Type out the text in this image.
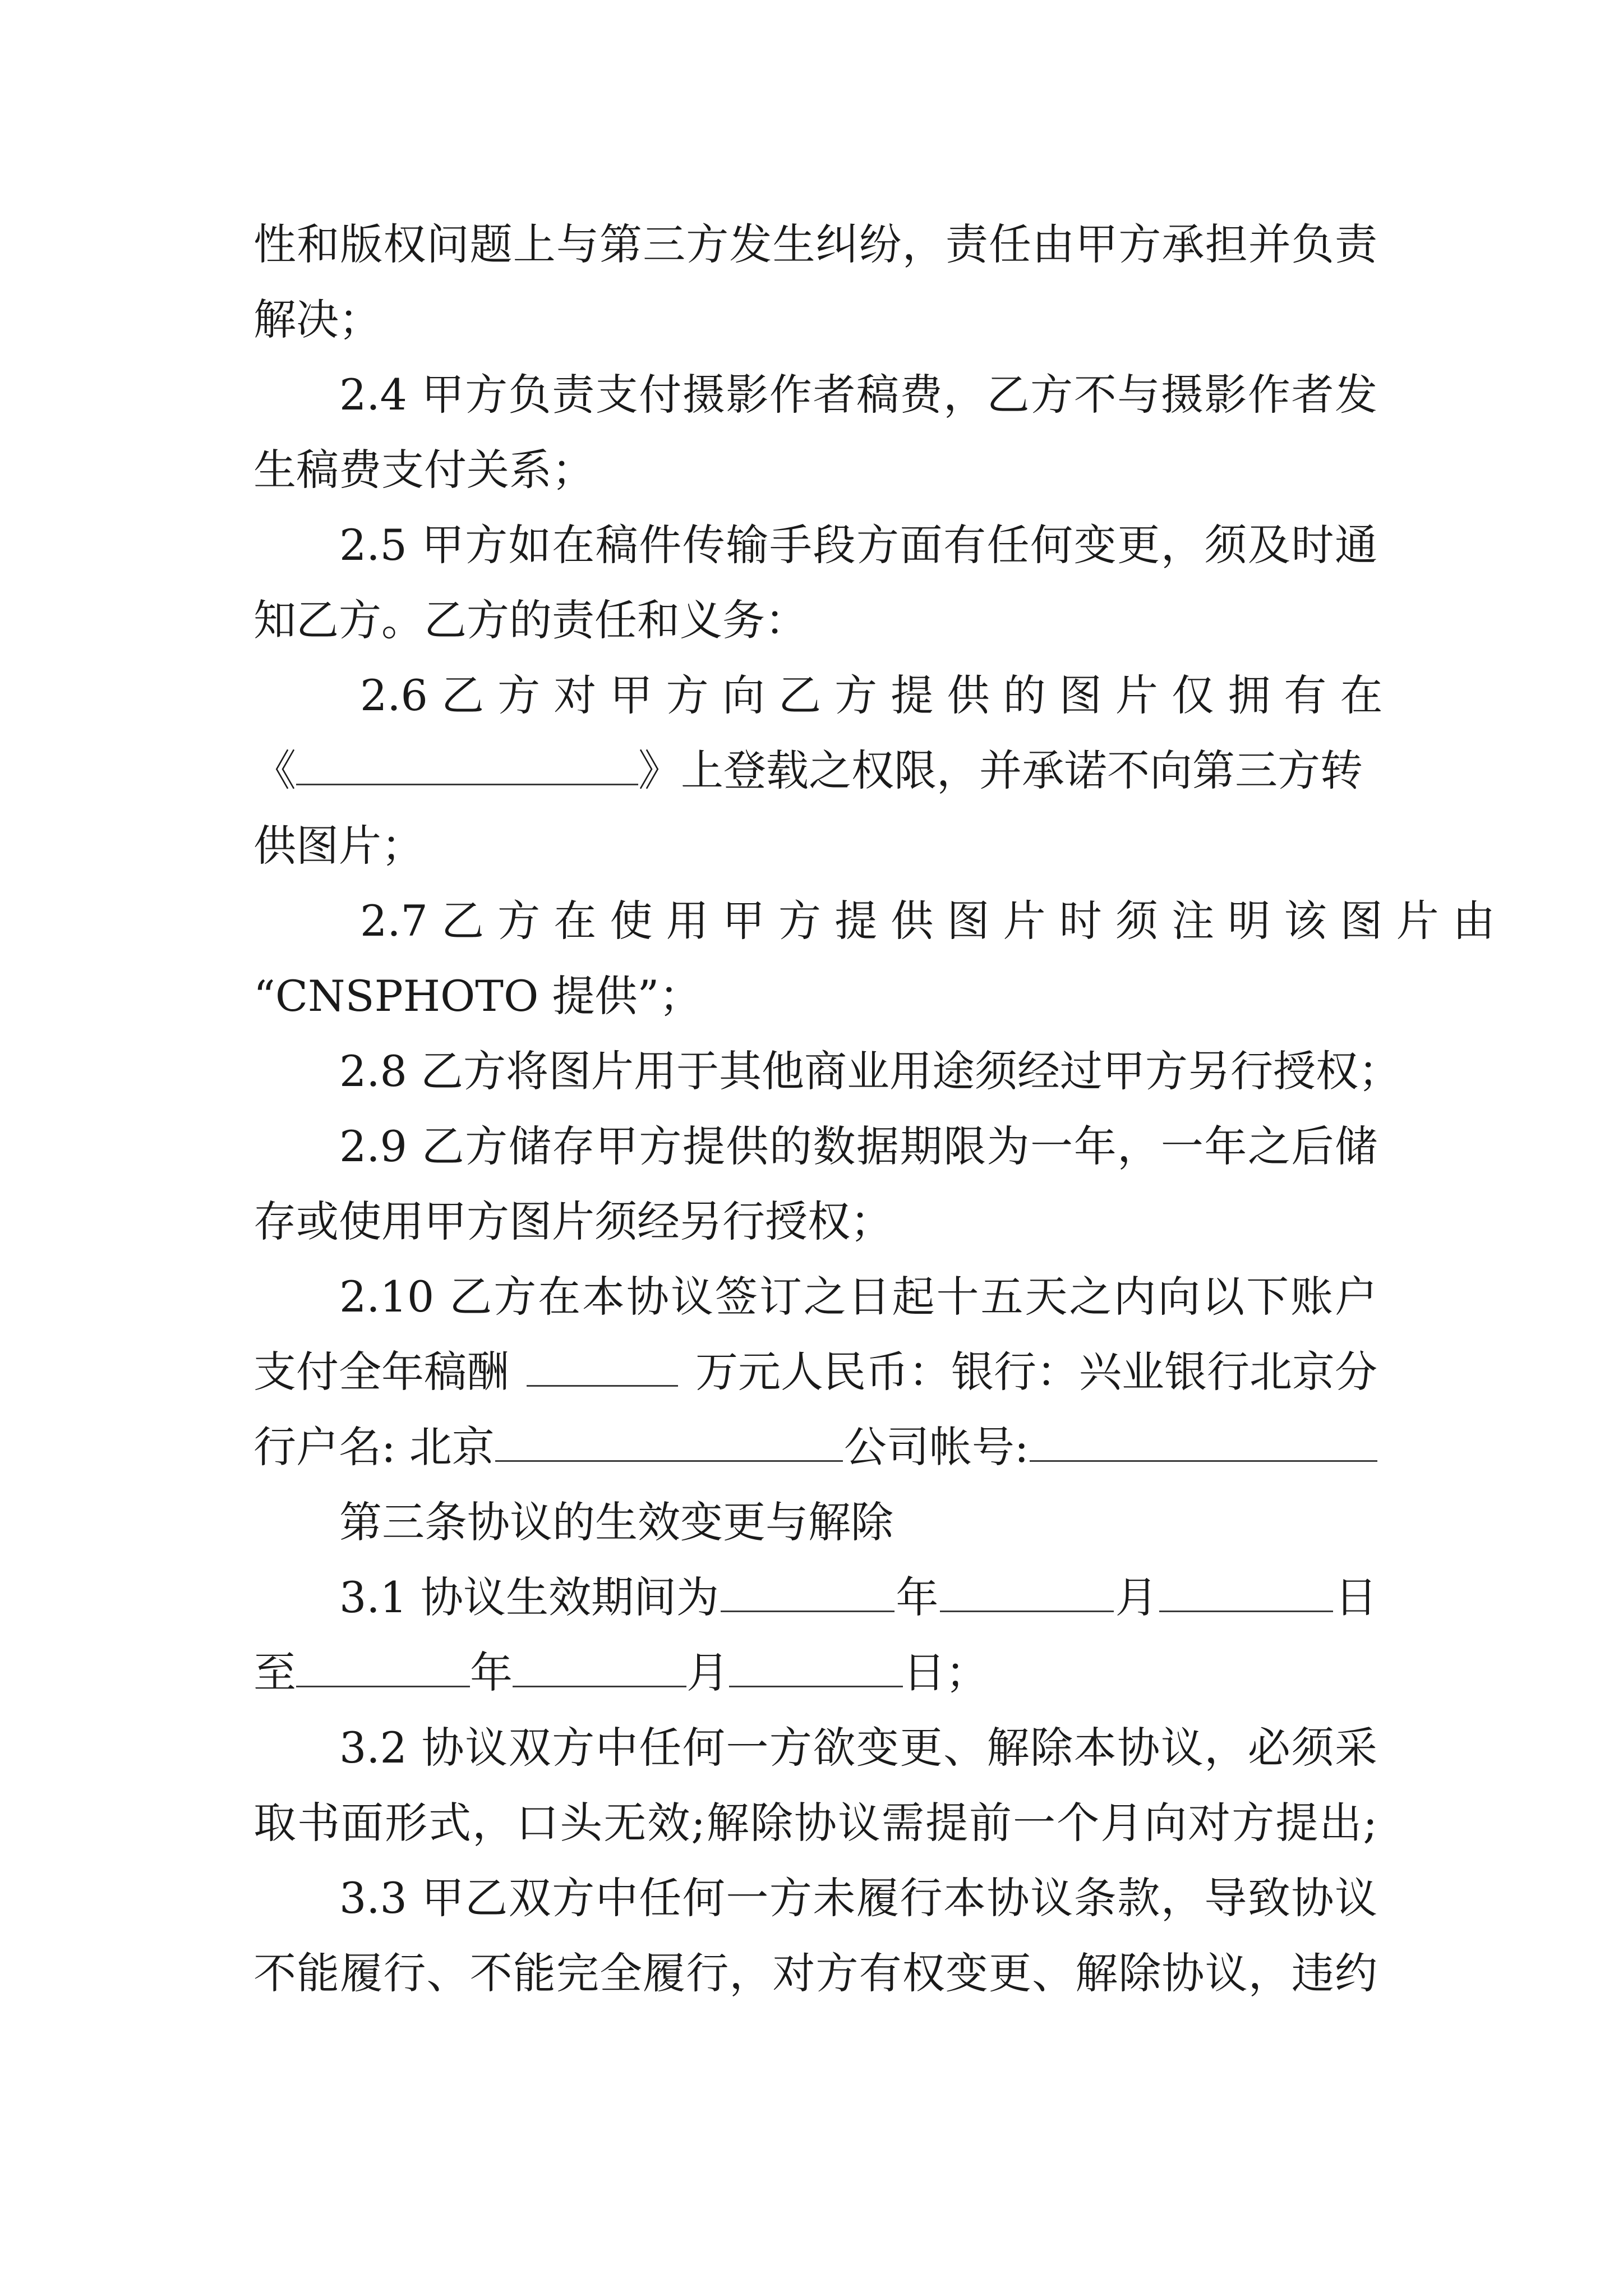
性和版权问题上与第三方发生纠纷，责任由甲方承担并负责
解决；
2.4 甲方负责支付摄影作者稿费，乙方不与摄影作者发
生稿费支付关系；
2.5 甲方如在稿件传输手段方面有任何变更，须及时通
知乙方。乙方的责任和义务：
2.6 乙 方 对 甲 方 向 乙 方 提 供 的 图 片 仅 拥 有 在
《	》上登载之权限，并承诺不向第三方转
供图片；
2.7 乙 方 在 使 用 甲 方 提 供 图 片 时 须 注 明 该 图 片 由
“CNSPHOTO 提供”；
2.8 乙方将图片用于其他商业用途须经过甲方另行授权；
2.9 乙方储存甲方提供的数据期限为一年，一年之后储
存或使用甲方图片须经另行授权；
2.10 乙方在本协议签订之日起十五天之内向以下账户
支付全年稿酬	万元人民币：银行：兴业银行北京分
行户名: 北京	公司帐号:
第三条协议的生效变更与解除
3.1 协议生效期间为	年	月	日
至	年	月	日；
3.2 协议双方中任何一方欲变更、解除本协议，必须采
取书面形式，口头无效;解除协议需提前一个月向对方提出;
3.3 甲乙双方中任何一方未履行本协议条款，导致协议
不能履行、不能完全履行，对方有权变更、解除协议，违约
